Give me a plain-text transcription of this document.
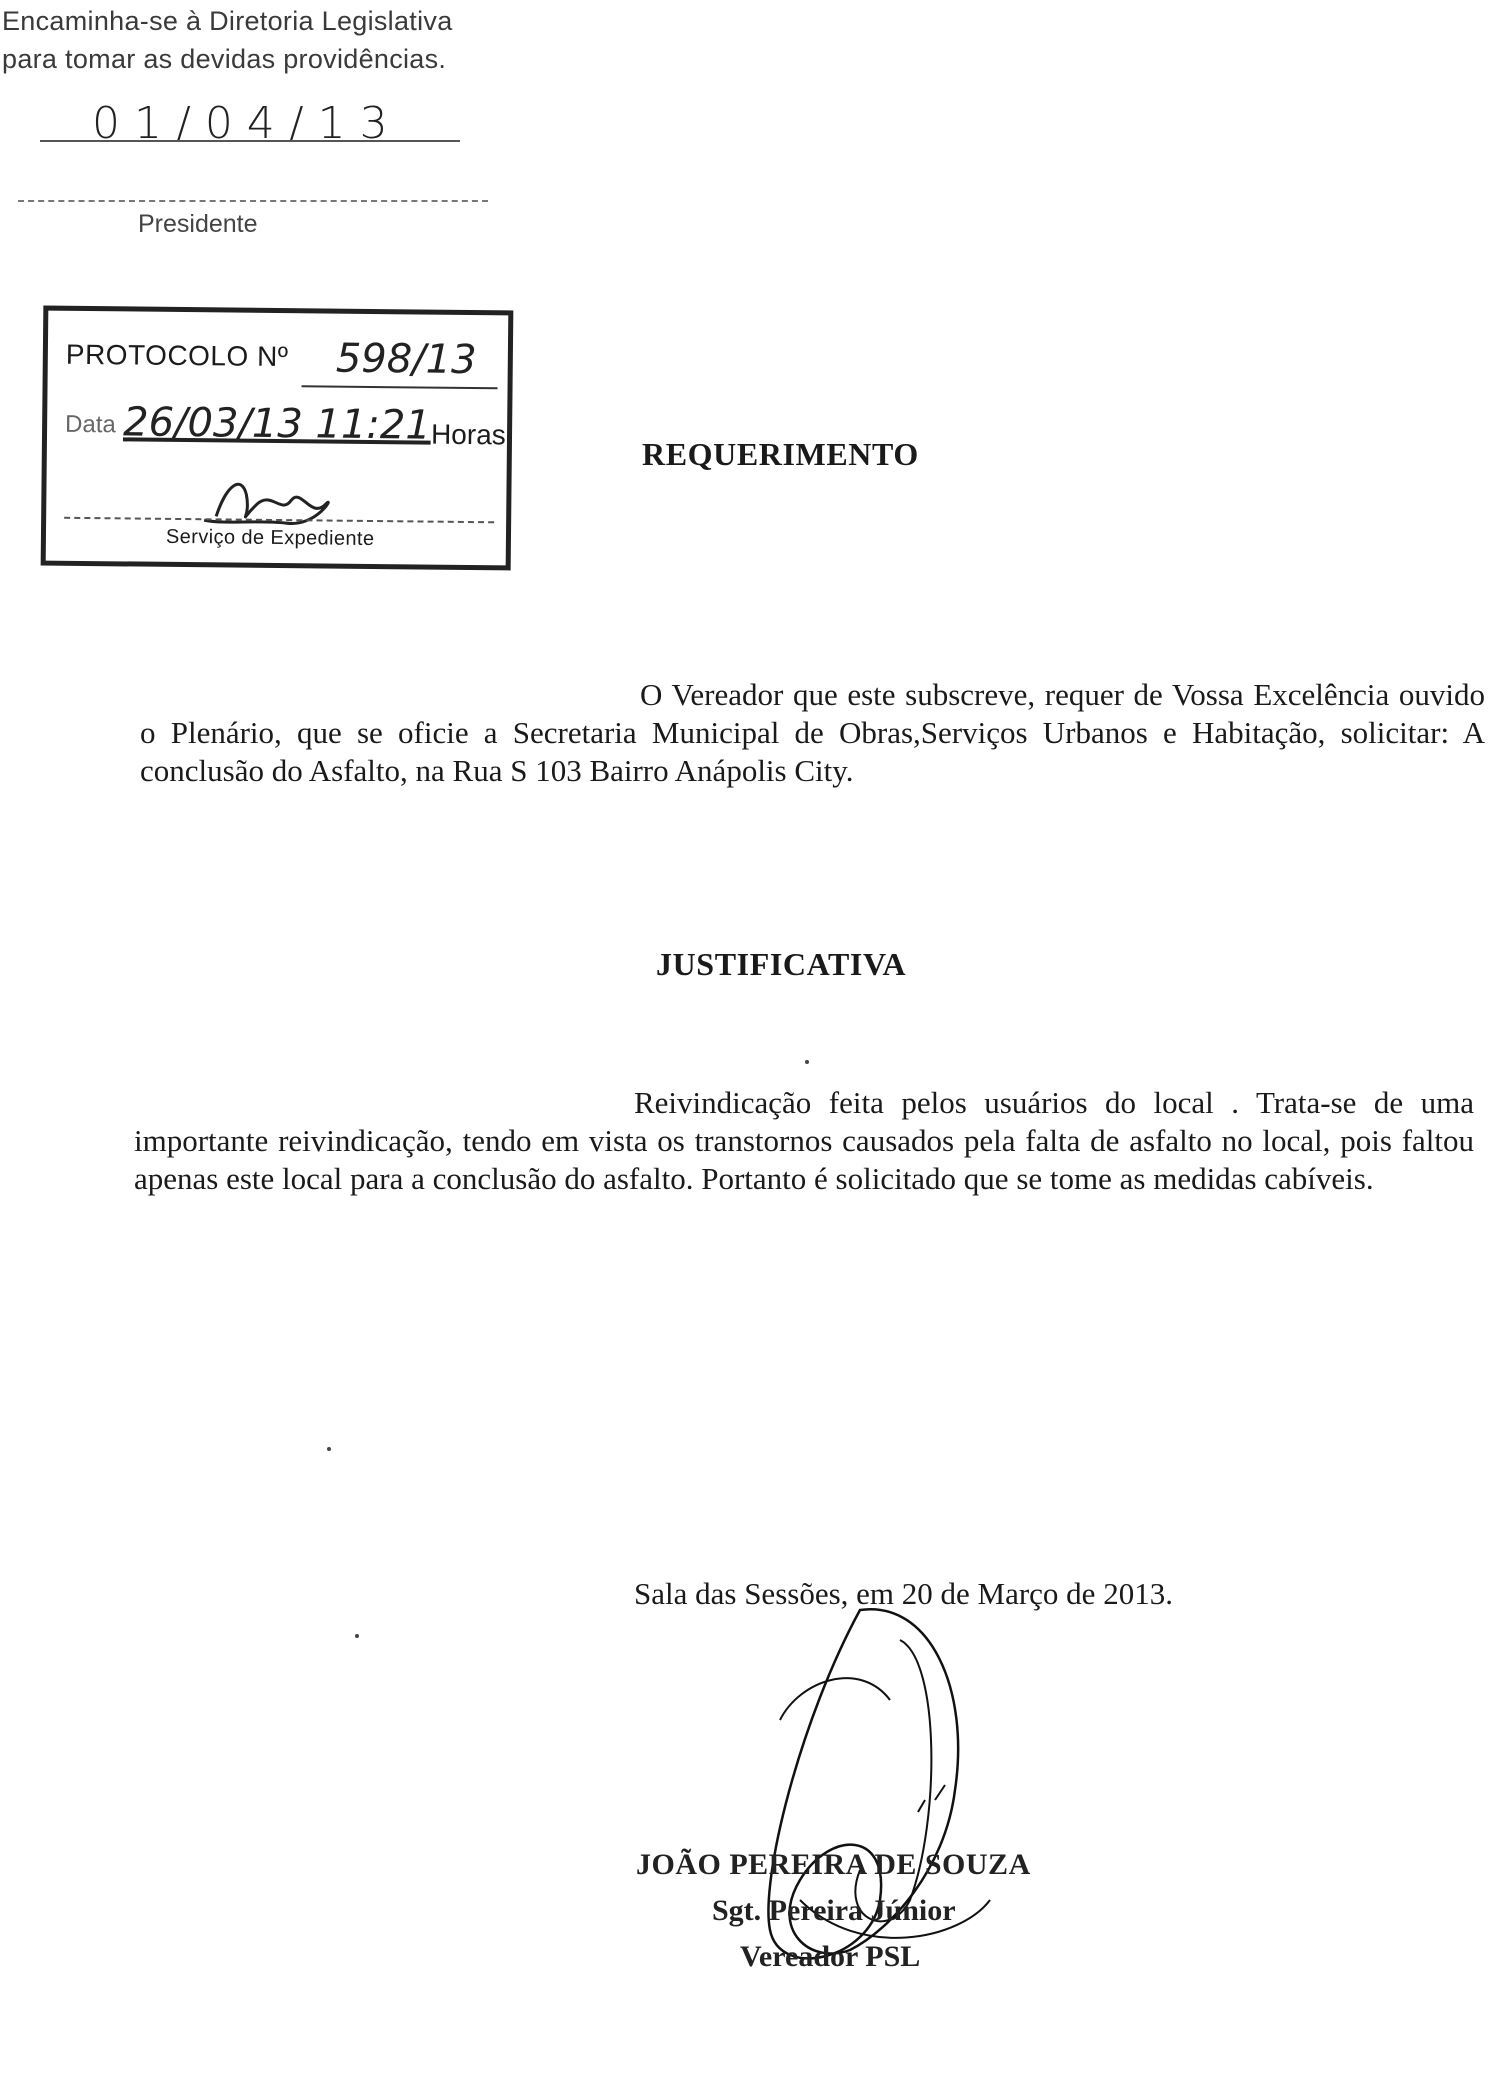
Encaminha-se à Diretoria Legislativa
para tomar as devidas providências.
01/04/13
Presidente
PROTOCOLO Nº 598/13
Data 26/03/13 11:21 Horas
Serviço de Expediente
REQUERIMENTO

O Vereador que este subscreve, requer de Vossa Excelência ouvido o Plenário, que se oficie a Secretaria Municipal de Obras,Serviços Urbanos e Habitação, solicitar: A conclusão do Asfalto, na Rua S 103 Bairro Anápolis City.

JUSTIFICATIVA

Reivindicação feita pelos usuários do local . Trata-se de uma importante reivindicação, tendo em vista os transtornos causados pela falta de asfalto no local, pois faltou apenas este local para a conclusão do asfalto. Portanto é solicitado que se tome as medidas cabíveis.

Sala das Sessões, em 20 de Março de 2013.
JOÃO PEREIRA DE SOUZA
Sgt. Pereira Júnior
Vereador PSL
